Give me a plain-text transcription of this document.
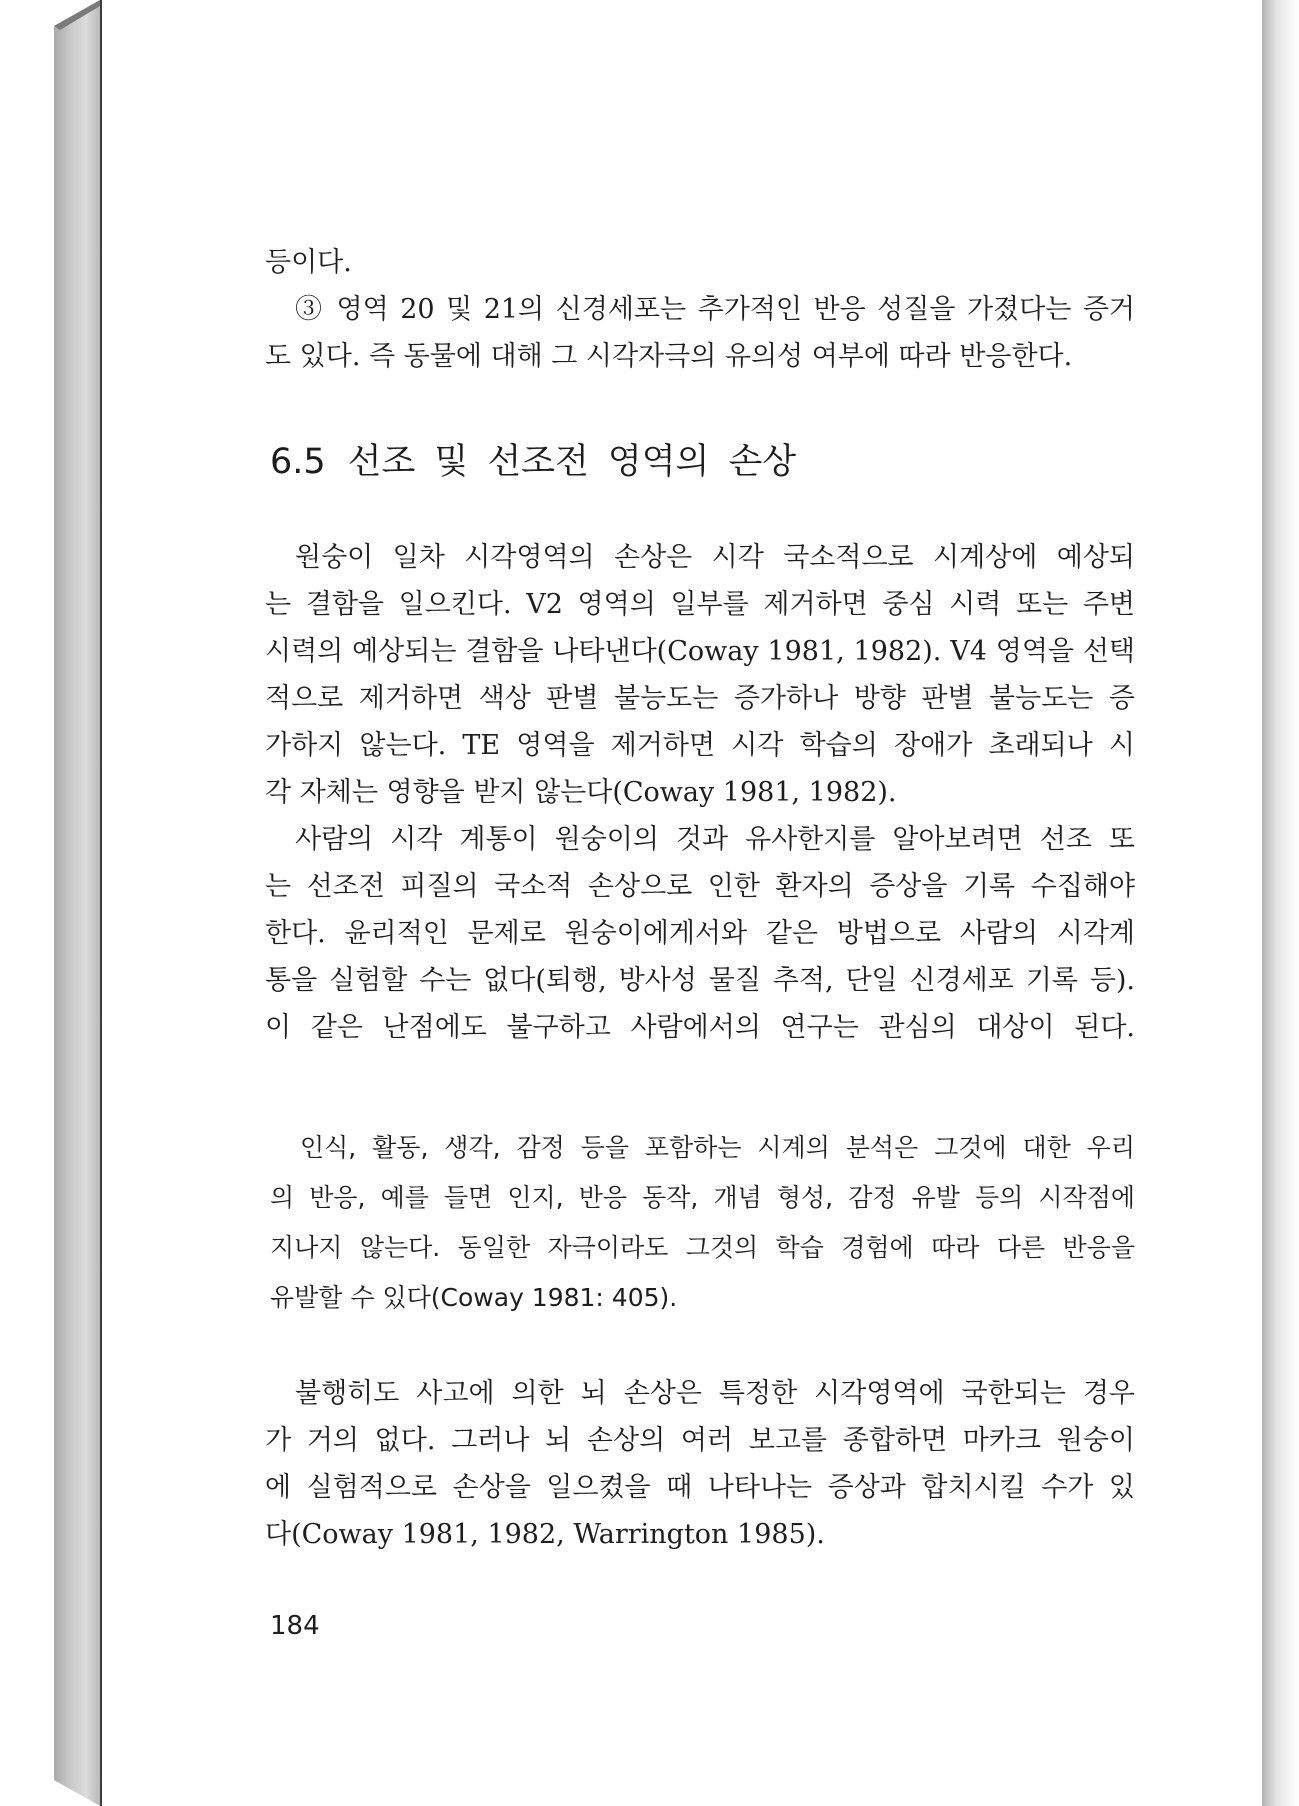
등이다.
③ 영역 20 및 21의 신경세포는 추가적인 반응 성질을 가졌다는 증거
도 있다. 즉 동물에 대해 그 시각자극의 유의성 여부에 따라 반응한다.
6.5 선조 및 선조전 영역의 손상
원숭이 일차 시각영역의 손상은 시각 국소적으로 시계상에 예상되
는 결함을 일으킨다. V2 영역의 일부를 제거하면 중심 시력 또는 주변
시력의 예상되는 결함을 나타낸다(Coway 1981, 1982). V4 영역을 선택
적으로 제거하면 색상 판별 불능도는 증가하나 방향 판별 불능도는 증
가하지 않는다. TE 영역을 제거하면 시각 학습의 장애가 초래되나 시
각 자체는 영향을 받지 않는다(Coway 1981, 1982).
사람의 시각 계통이 원숭이의 것과 유사한지를 알아보려면 선조 또
는 선조전 피질의 국소적 손상으로 인한 환자의 증상을 기록 수집해야
한다. 윤리적인 문제로 원숭이에게서와 같은 방법으로 사람의 시각계
통을 실험할 수는 없다(퇴행, 방사성 물질 추적, 단일 신경세포 기록 등).
이 같은 난점에도 불구하고 사람에서의 연구는 관심의 대상이 된다.
인식, 활동, 생각, 감정 등을 포함하는 시계의 분석은 그것에 대한 우리
의 반응, 예를 들면 인지, 반응 동작, 개념 형성, 감정 유발 등의 시작점에
지나지 않는다. 동일한 자극이라도 그것의 학습 경험에 따라 다른 반응을
유발할 수 있다(Coway 1981: 405).
불행히도 사고에 의한 뇌 손상은 특정한 시각영역에 국한되는 경우
가 거의 없다. 그러나 뇌 손상의 여러 보고를 종합하면 마카크 원숭이
에 실험적으로 손상을 일으켰을 때 나타나는 증상과 합치시킬 수가 있
다(Coway 1981, 1982, Warrington 1985).
184
